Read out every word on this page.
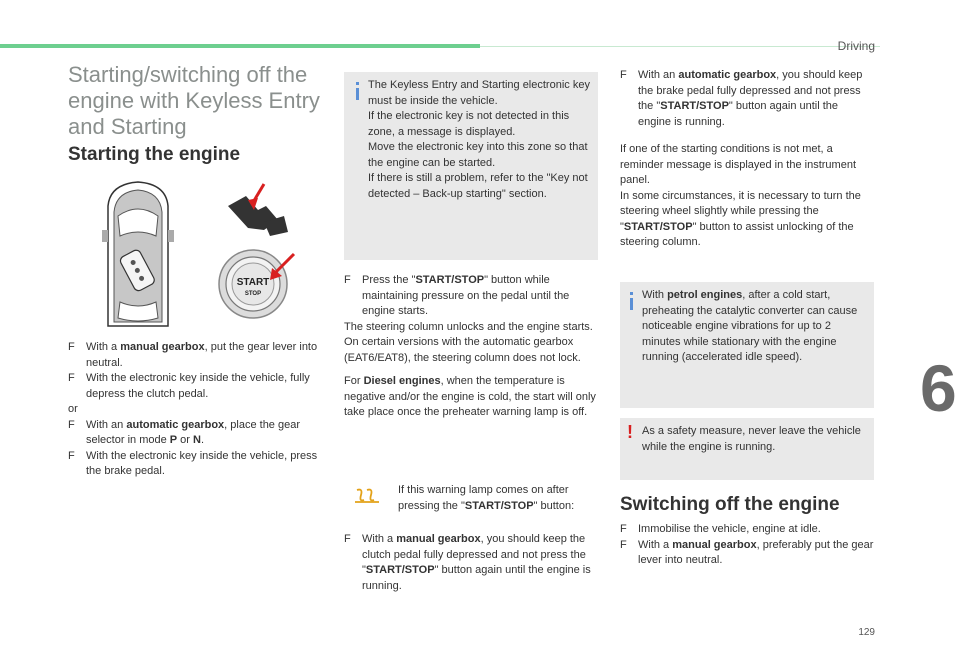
Driving
129
6
Starting/switching off the engine with Keyless Entry and Starting
Starting the engine
START
STOP
F With a manual gearbox, put the gear lever into neutral.
F With the electronic key inside the vehicle, fully depress the clutch pedal.
or
F With an automatic gearbox, place the gear selector in mode P or N.
F With the electronic key inside the vehicle, press the brake pedal.
The Keyless Entry and Starting electronic key must be inside the vehicle.
If the electronic key is not detected in this zone, a message is displayed.
Move the electronic key into this zone so that the engine can be started.
If there is still a problem, refer to the "Key not detected – Back-up starting" section.
F Press the "START/STOP" button while maintaining pressure on the pedal until the engine starts.
The steering column unlocks and the engine starts.
On certain versions with the automatic gearbox (EAT6/EAT8), the steering column does not lock.
For Diesel engines, when the temperature is negative and/or the engine is cold, the start will only take place once the preheater warning lamp is off.
If this warning lamp comes on after pressing the "START/STOP" button:
F With a manual gearbox, you should keep the clutch pedal fully depressed and not press the "START/STOP" button again until the engine is running.
F With an automatic gearbox, you should keep the brake pedal fully depressed and not press the "START/STOP" button again until the engine is running.
If one of the starting conditions is not met, a reminder message is displayed in the instrument panel.
In some circumstances, it is necessary to turn the steering wheel slightly while pressing the "START/STOP" button to assist unlocking of the steering column.
With petrol engines, after a cold start, preheating the catalytic converter can cause noticeable engine vibrations for up to 2 minutes while stationary with the engine running (accelerated idle speed).
! As a safety measure, never leave the vehicle while the engine is running.
Switching off the engine
F Immobilise the vehicle, engine at idle.
F With a manual gearbox, preferably put the gear lever into neutral.
